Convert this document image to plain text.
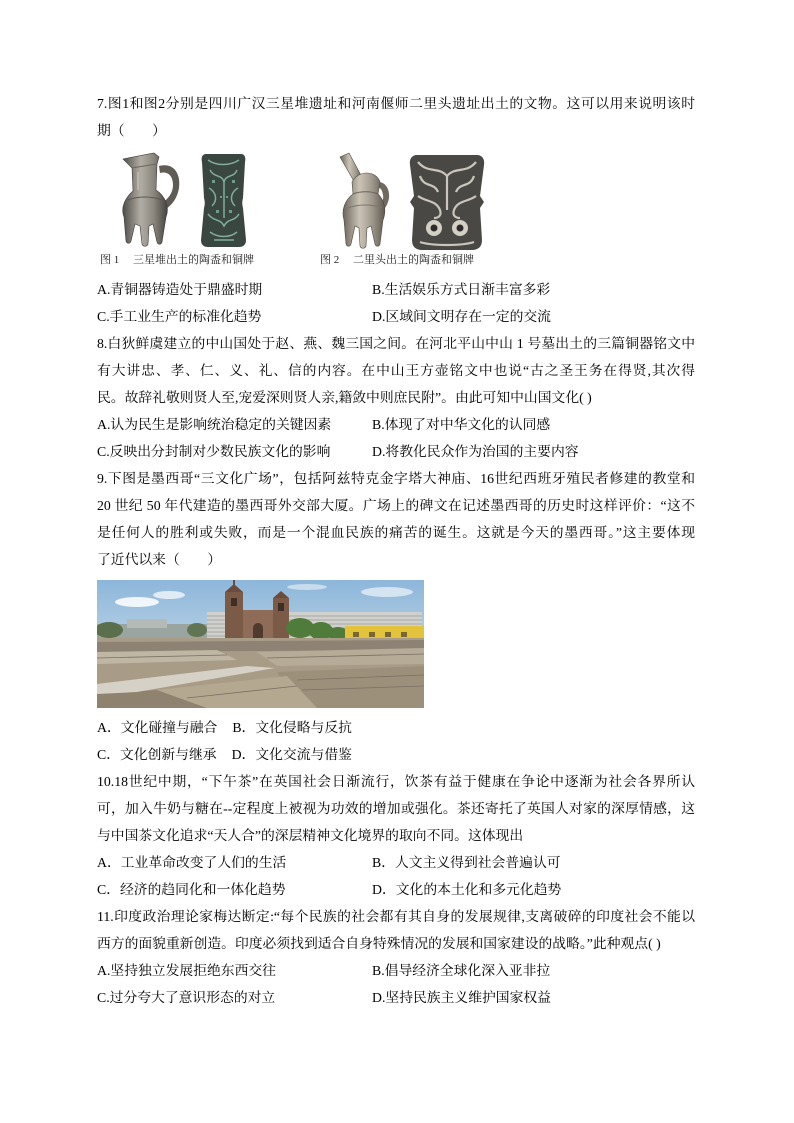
7.图1和图2分别是四川广汉三星堆遗址和河南偃师二里头遗址出土的文物。这可以用来说明该时
期（　　）
图 1　 三星堆出土的陶盉和铜牌	图 2　 二里头出土的陶盉和铜牌
A.青铜器铸造处于鼎盛时期	B.生活娱乐方式日渐丰富多彩
C.手工业生产的标准化趋势	D.区域间文明存在一定的交流
8.白狄鲜虞建立的中山国处于赵、燕、魏三国之间。在河北平山中山 1 号墓出土的三篇铜器铭文中
有大讲忠、孝、仁、义、礼、信的内容。在中山王方壶铭文中也说“古之圣王务在得贤,其次得
民。故辞礼敬则贤人至,宠爱深则贤人亲,籍敛中则庶民附”。由此可知中山国文化( )
A.认为民生是影响统治稳定的关键因素	B.体现了对中华文化的认同感
C.反映出分封制对少数民族文化的影响	D.将教化民众作为治国的主要内容
9.下图是墨西哥“三文化广场”，包括阿兹特克金字塔大神庙、16世纪西班牙殖民者修建的教堂和
20 世纪 50 年代建造的墨西哥外交部大厦。广场上的碑文在记述墨西哥的历史时这样评价：“这不
是任何人的胜利或失败，而是一个混血民族的痛苦的诞生。这就是今天的墨西哥。”这主要体现
了近代以来（　　）
A．文化碰撞与融合 B．文化侵略与反抗
C．文化创新与继承 D．文化交流与借鉴
10.18世纪中期，“下午茶”在英国社会日渐流行，饮茶有益于健康在争论中逐渐为社会各界所认
可，加入牛奶与糖在--定程度上被视为功效的增加或强化。茶还寄托了英国人对家的深厚情感，这
与中国茶文化追求“天人合”的深层精神文化境界的取向不同。这体现出
A．工业革命改变了人们的生活	B．人文主义得到社会普遍认可
C．经济的趋同化和一体化趋势	D．文化的本土化和多元化趋势
11.印度政治理论家梅达断定:“每个民族的社会都有其自身的发展规律,支离破碎的印度社会不能以
西方的面貌重新创造。印度必须找到适合自身特殊情况的发展和国家建设的战略。”此种观点( )
A.坚持独立发展拒绝东西交往	B.倡导经济全球化深入亚非拉
C.过分夸大了意识形态的对立	D.坚持民族主义维护国家权益
